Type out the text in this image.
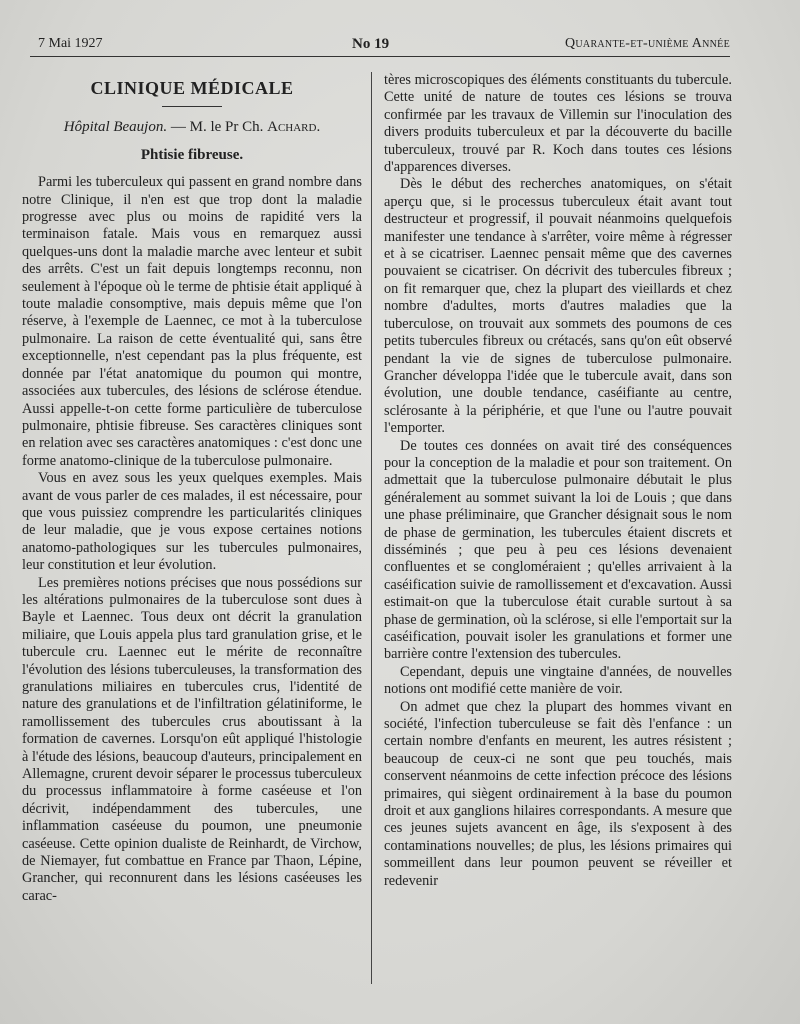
7 Mai 1927	No 19	Quarante-et-unième Année
CLINIQUE MÉDICALE
Hôpital Beaujon. — M. le Pr Ch. Achard.
Phtisie fibreuse.

Parmi les tuberculeux qui passent en grand nombre dans notre Clinique, il n'en est que trop dont la maladie progresse avec plus ou moins de rapidité vers la terminaison fatale. Mais vous en remarquez aussi quelques-uns dont la maladie marche avec lenteur et subit des arrêts. C'est un fait depuis longtemps reconnu, non seulement à l'époque où le terme de phtisie était appliqué à toute maladie consomptive, mais depuis même que l'on réserve, à l'exemple de Laennec, ce mot à la tuberculose pulmonaire. La raison de cette éventualité qui, sans être exceptionnelle, n'est cependant pas la plus fréquente, est donnée par l'état anatomique du poumon qui montre, associées aux tubercules, des lésions de sclérose étendue. Aussi appelle-t-on cette forme particulière de tuberculose pulmonaire, phtisie fibreuse. Ses caractères cliniques sont en relation avec ses caractères anatomiques : c'est donc une forme anatomo-clinique de la tuberculose pulmonaire.

Vous en avez sous les yeux quelques exemples. Mais avant de vous parler de ces malades, il est nécessaire, pour que vous puissiez comprendre les particularités cliniques de leur maladie, que je vous expose certaines notions anatomo-pathologiques sur les tubercules pulmonaires, leur constitution et leur évolution.

Les premières notions précises que nous possédions sur les altérations pulmonaires de la tuberculose sont dues à Bayle et Laennec. Tous deux ont décrit la granulation miliaire, que Louis appela plus tard granulation grise, et le tubercule cru. Laennec eut le mérite de reconnaître l'évolution des lésions tuberculeuses, la transformation des granulations miliaires en tubercules crus, l'identité de nature des granulations et de l'infiltration gélatiniforme, le ramollissement des tubercules crus aboutissant à la formation de cavernes. Lorsqu'on eût appliqué l'histologie à l'étude des lésions, beaucoup d'auteurs, principalement en Allemagne, crurent devoir séparer le processus tuberculeux du processus inflammatoire à forme caséeuse et l'on décrivit, indépendamment des tubercules, une inflammation caséeuse du poumon, une pneumonie caséeuse. Cette opinion dualiste de Reinhardt, de Virchow, de Niemayer, fut combattue en France par Thaon, Lépine, Grancher, qui reconnurent dans les lésions caséeuses les carac-

tères microscopiques des éléments constituants du tubercule. Cette unité de nature de toutes ces lésions se trouva confirmée par les travaux de Villemin sur l'inoculation des divers produits tuberculeux et par la découverte du bacille tuberculeux, trouvé par R. Koch dans toutes ces lésions d'apparences diverses.

Dès le début des recherches anatomiques, on s'était aperçu que, si le processus tuberculeux était avant tout destructeur et progressif, il pouvait néanmoins quelquefois manifester une tendance à s'arrêter, voire même à régresser et à se cicatriser. Laennec pensait même que des cavernes pouvaient se cicatriser. On décrivit des tubercules fibreux ; on fit remarquer que, chez la plupart des vieillards et chez nombre d'adultes, morts d'autres maladies que la tuberculose, on trouvait aux sommets des poumons de ces petits tubercules fibreux ou crétacés, sans qu'on eût observé pendant la vie de signes de tuberculose pulmonaire. Grancher développa l'idée que le tubercule avait, dans son évolution, une double tendance, caséifiante au centre, sclérosante à la périphérie, et que l'une ou l'autre pouvait l'emporter.

De toutes ces données on avait tiré des conséquences pour la conception de la maladie et pour son traitement. On admettait que la tuberculose pulmonaire débutait le plus généralement au sommet suivant la loi de Louis ; que dans une phase préliminaire, que Grancher désignait sous le nom de phase de germination, les tubercules étaient discrets et disséminés ; que peu à peu ces lésions devenaient confluentes et se congloméraient ; qu'elles arrivaient à la caséification suivie de ramollissement et d'excavation. Aussi estimait-on que la tuberculose était curable surtout à sa phase de germination, où la sclérose, si elle l'emportait sur la caséification, pouvait isoler les granulations et former une barrière contre l'extension des tubercules.

Cependant, depuis une vingtaine d'années, de nouvelles notions ont modifié cette manière de voir.

On admet que chez la plupart des hommes vivant en société, l'infection tuberculeuse se fait dès l'enfance : un certain nombre d'enfants en meurent, les autres résistent ; beaucoup de ceux-ci ne sont que peu touchés, mais conservent néanmoins de cette infection précoce des lésions primaires, qui siègent ordinairement à la base du poumon droit et aux ganglions hilaires correspondants. A mesure que ces jeunes sujets avancent en âge, ils s'exposent à des contaminations nouvelles; de plus, les lésions primaires qui sommeillent dans leur poumon peuvent se réveiller et redevenir
